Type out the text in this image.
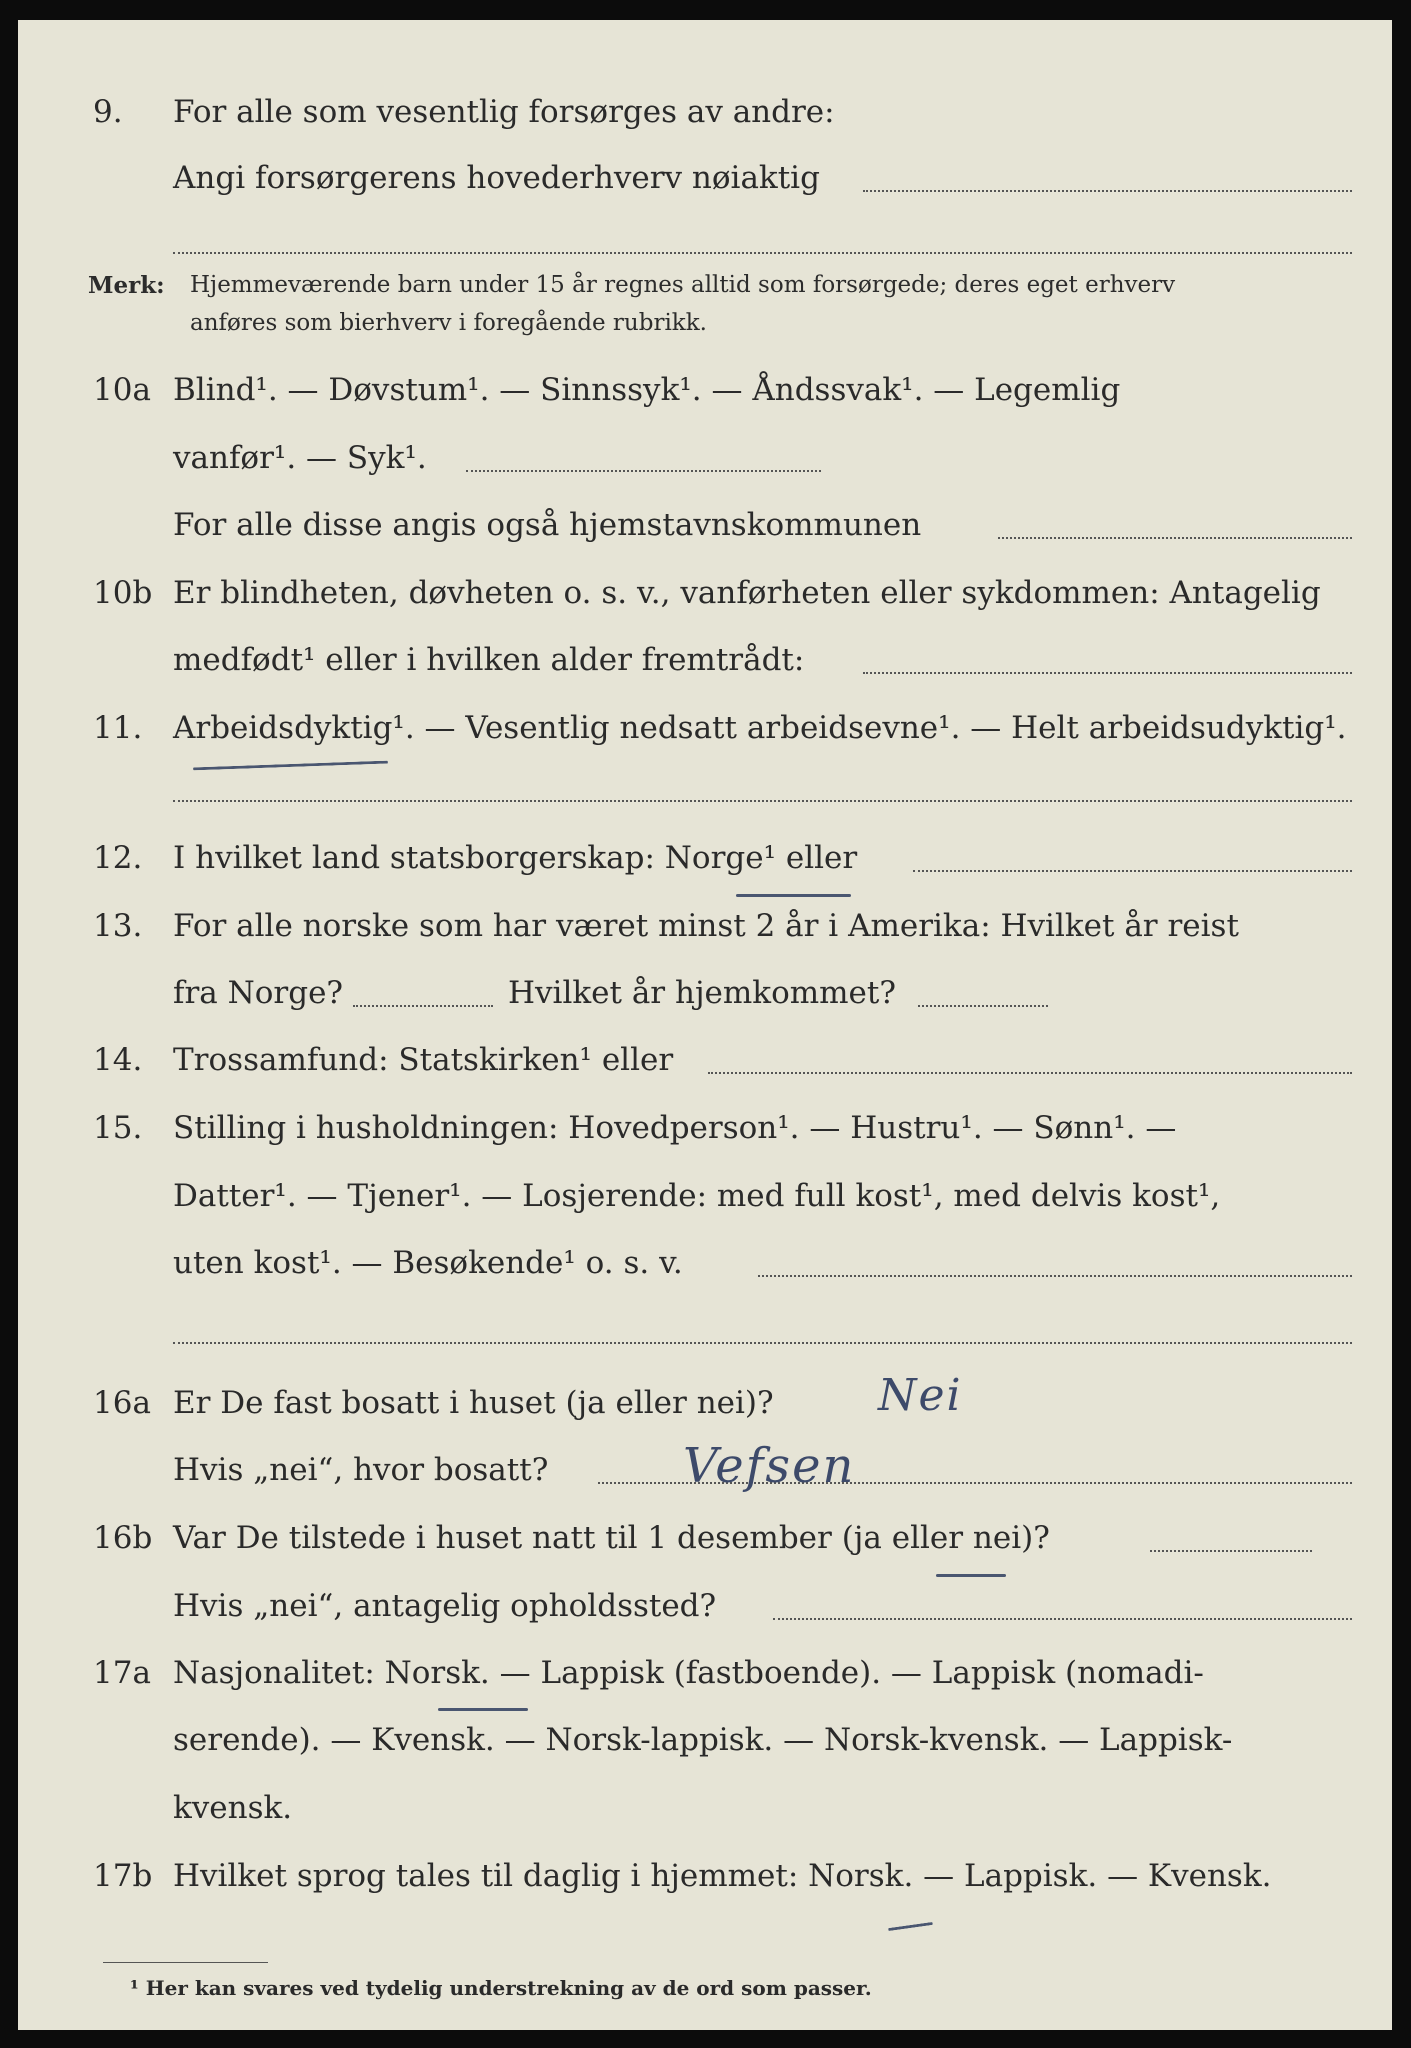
9. For alle som vesentlig forsørges av andre:
Angi forsørgerens hovederhverv nøiaktig
Merk: Hjemmeværende barn under 15 år regnes alltid som forsørgede; deres eget erhverv
anføres som bierhverv i foregående rubrikk.
10a Blind¹. — Døvstum¹. — Sinnssyk¹. — Åndssvak¹. — Legemlig
vanfør¹. — Syk¹.
For alle disse angis også hjemstavnskommunen
10b Er blindheten, døvheten o. s. v., vanførheten eller sykdommen: Antagelig
medfødt¹ eller i hvilken alder fremtrådt:
11. Arbeidsdyktig¹. — Vesentlig nedsatt arbeidsevne¹. — Helt arbeidsudyktig¹.
12. I hvilket land statsborgerskap: Norge¹ eller
13. For alle norske som har været minst 2 år i Amerika: Hvilket år reist
fra Norge?	Hvilket år hjemkommet?
14. Trossamfund: Statskirken¹ eller
15. Stilling i husholdningen: Hovedperson¹. — Hustru¹. — Sønn¹. —
Datter¹. — Tjener¹. — Losjerende: med full kost¹, med delvis kost¹,
uten kost¹. — Besøkende¹ o. s. v.
16a Er De fast bosatt i huset (ja eller nei)? Nei
Hvis „nei“, hvor bosatt?	Vefsen
16b Var De tilstede i huset natt til 1 desember (ja eller nei)?
Hvis „nei“, antagelig opholdssted?
17a Nasjonalitet: Norsk. — Lappisk (fastboende). — Lappisk (nomadi-
serende). — Kvensk. — Norsk-lappisk. — Norsk-kvensk. — Lappisk-
kvensk.
17b Hvilket sprog tales til daglig i hjemmet: Norsk. — Lappisk. — Kvensk.
¹ Her kan svares ved tydelig understrekning av de ord som passer.
